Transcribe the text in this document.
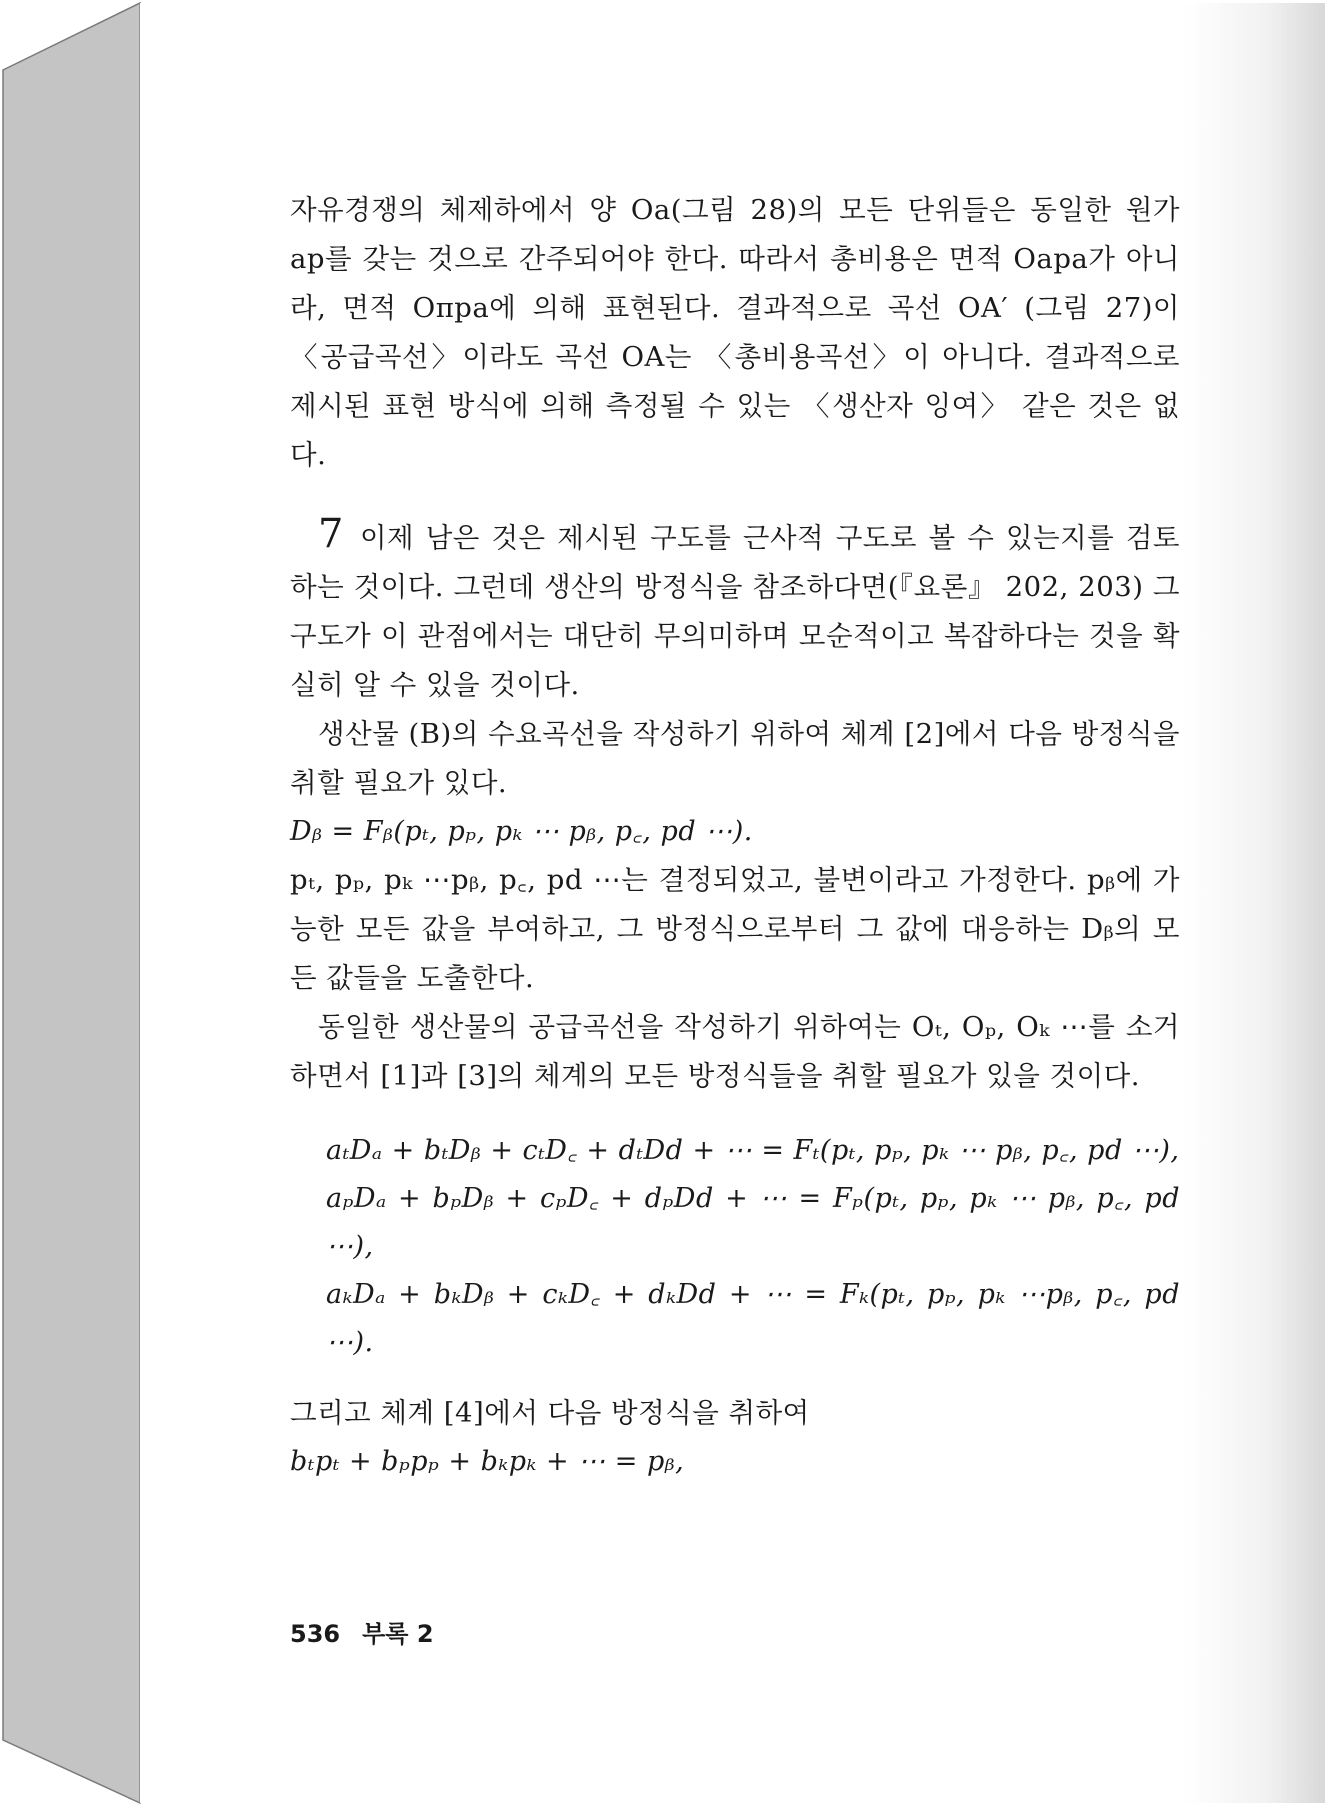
자유경쟁의 체제하에서 양 Oa(그림 28)의 모든 단위들은 동일한 원가 ap를 갖는 것으로 간주되어야 한다. 따라서 총비용은 면적 Oapa가 아니라, 면적 Oπpa에 의해 표현된다. 결과적으로 곡선 OA′ (그림 27)이 〈공급곡선〉이라도 곡선 OA는 〈총비용곡선〉이 아니다. 결과적으로 제시된 표현 방식에 의해 측정될 수 있는 〈생산자 잉여〉 같은 것은 없다.

7 이제 남은 것은 제시된 구도를 근사적 구도로 볼 수 있는지를 검토하는 것이다. 그런데 생산의 방정식을 참조하다면(『요론』 202, 203) 그 구도가 이 관점에서는 대단히 무의미하며 모순적이고 복잡하다는 것을 확실히 알 수 있을 것이다.

생산물 (B)의 수요곡선을 작성하기 위하여 체계 [2]에서 다음 방정식을 취할 필요가 있다.

Dᵦ = Fᵦ(pₜ, pₚ, pₖ ⋯ pᵦ, p꜀, pd ⋯).

pₜ, pₚ, pₖ ⋯pᵦ, p꜀, pd ⋯는 결정되었고, 불변이라고 가정한다. pᵦ에 가능한 모든 값을 부여하고, 그 방정식으로부터 그 값에 대응하는 Dᵦ의 모든 값들을 도출한다.

동일한 생산물의 공급곡선을 작성하기 위하여는 Oₜ, Oₚ, Oₖ ⋯를 소거하면서 [1]과 [3]의 체계의 모든 방정식들을 취할 필요가 있을 것이다.

aₜDₐ + bₜDᵦ + cₜD꜀ + dₜDd + ⋯ = Fₜ(pₜ, pₚ, pₖ ⋯ pᵦ, p꜀, pd ⋯),

aₚDₐ + bₚDᵦ + cₚD꜀ + dₚDd + ⋯ = Fₚ(pₜ, pₚ, pₖ ⋯ pᵦ, p꜀, pd ⋯),

aₖDₐ + bₖDᵦ + cₖD꜀ + dₖDd + ⋯ = Fₖ(pₜ, pₚ, pₖ ⋯pᵦ, p꜀, pd ⋯).

그리고 체계 [4]에서 다음 방정식을 취하여

bₜpₜ + bₚpₚ + bₖpₖ + ⋯ = pᵦ,

536 부록 2
